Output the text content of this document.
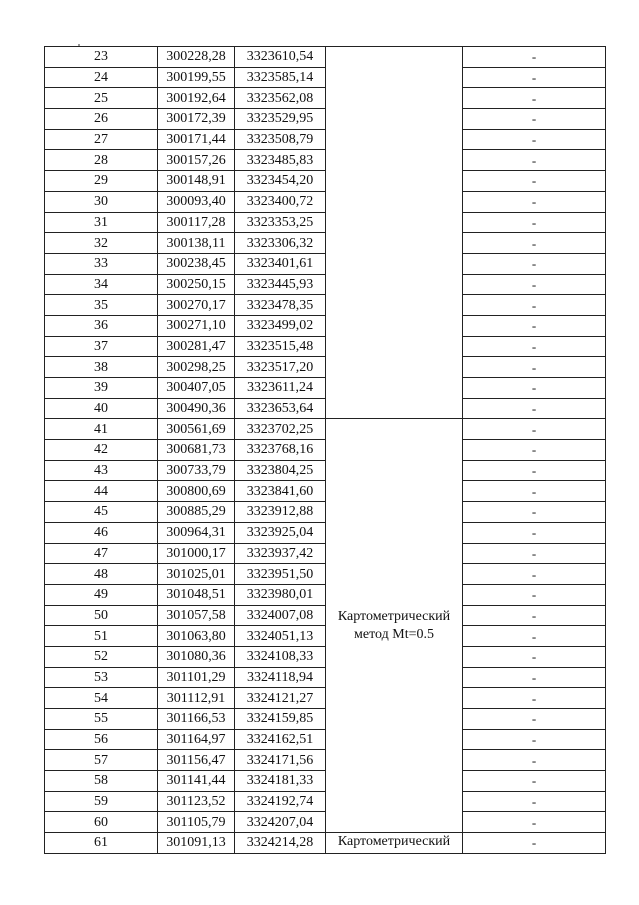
23	300228,28	3323610,54		-
24	300199,55	3323585,14		-
25	300192,64	3323562,08		-
26	300172,39	3323529,95		-
27	300171,44	3323508,79		-
28	300157,26	3323485,83		-
29	300148,91	3323454,20		-
30	300093,40	3323400,72		-
31	300117,28	3323353,25		-
32	300138,11	3323306,32		-
33	300238,45	3323401,61		-
34	300250,15	3323445,93		-
35	300270,17	3323478,35		-
36	300271,10	3323499,02		-
37	300281,47	3323515,48		-
38	300298,25	3323517,20		-
39	300407,05	3323611,24		-
40	300490,36	3323653,64		-
41	300561,69	3323702,25	Картометрический метод Mt=0.5	-
42	300681,73	3323768,16		-
43	300733,79	3323804,25		-
44	300800,69	3323841,60		-
45	300885,29	3323912,88		-
46	300964,31	3323925,04		-
47	301000,17	3323937,42		-
48	301025,01	3323951,50		-
49	301048,51	3323980,01		-
50	301057,58	3324007,08		-
51	301063,80	3324051,13		-
52	301080,36	3324108,33		-
53	301101,29	3324118,94		-
54	301112,91	3324121,27		-
55	301166,53	3324159,85		-
56	301164,97	3324162,51		-
57	301156,47	3324171,56		-
58	301141,44	3324181,33		-
59	301123,52	3324192,74		-
60	301105,79	3324207,04		-
61	301091,13	3324214,28	Картометрический	-
